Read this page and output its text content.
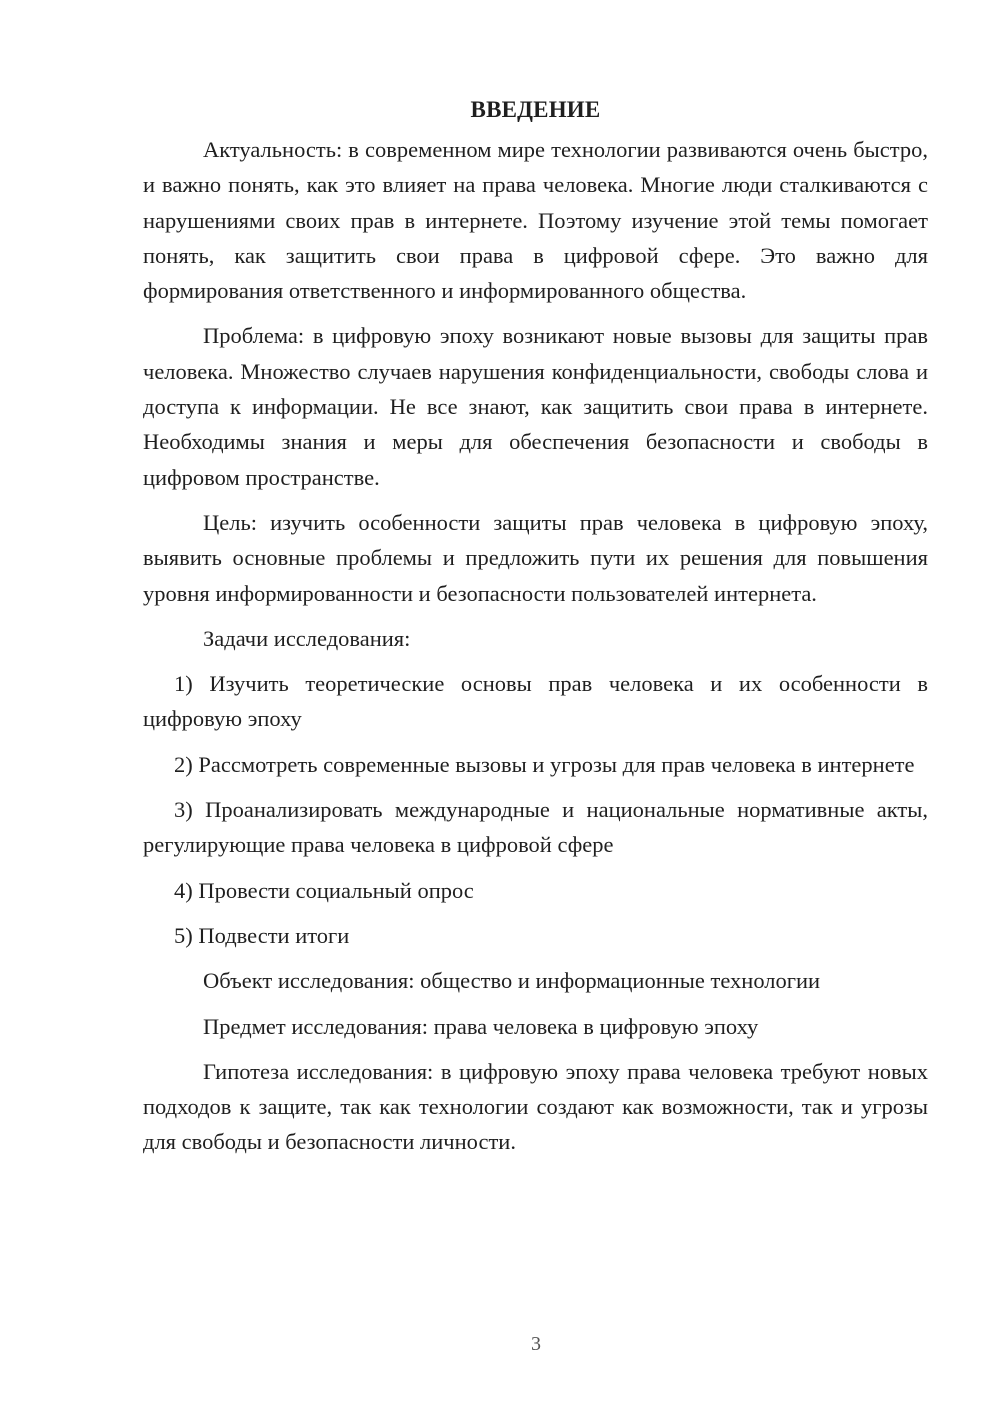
ВВЕДЕНИЕ

Актуальность: в современном мире технологии развиваются очень быстро, и важно понять, как это влияет на права человека. Многие люди сталкиваются с нарушениями своих прав в интернете. Поэтому изучение этой темы помогает понять, как защитить свои права в цифровой сфере. Это важно для формирования ответственного и информированного общества.

Проблема: в цифровую эпоху возникают новые вызовы для защиты прав человека. Множество случаев нарушения конфиденциальности, свободы слова и доступа к информации. Не все знают, как защитить свои права в интернете. Необходимы знания и меры для обеспечения безопасности и свободы в цифровом пространстве.

Цель: изучить особенности защиты прав человека в цифровую эпоху, выявить основные проблемы и предложить пути их решения для повышения уровня информированности и безопасности пользователей интернета.

Задачи исследования:

1) Изучить теоретические основы прав человека и их особенности в цифровую эпоху

2) Рассмотреть современные вызовы и угрозы для прав человека в интернете

3) Проанализировать международные и национальные нормативные акты, регулирующие права человека в цифровой сфере

4) Провести социальный опрос

5) Подвести итоги

Объект исследования: общество и информационные технологии

Предмет исследования: права человека в цифровую эпоху

Гипотеза исследования: в цифровую эпоху права человека требуют новых подходов к защите, так как технологии создают как возможности, так и угрозы для свободы и безопасности личности.

3
